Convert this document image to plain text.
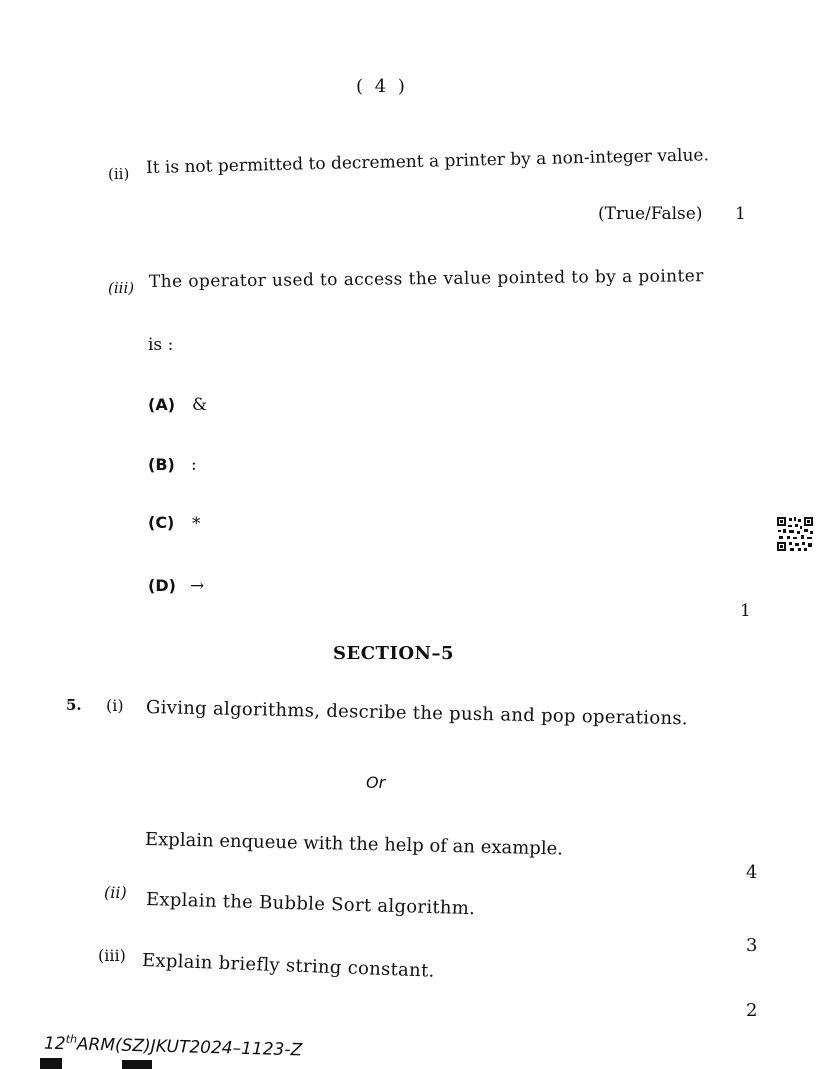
( 4 )
(ii) It is not permitted to decrement a printer by a non-integer value.
(True/False) 1
(iii) The operator used to access the value pointed to by a pointer
is :
(A) &
(B) :
(C) *
(D) →
1
SECTION–5
5. (i) Giving algorithms, describe the push and pop operations.
Or
Explain enqueue with the help of an example.
4
(ii) Explain the Bubble Sort algorithm.
3
(iii) Explain briefly string constant.
2
12thARM(SZ)JKUT2024–1123-Z
